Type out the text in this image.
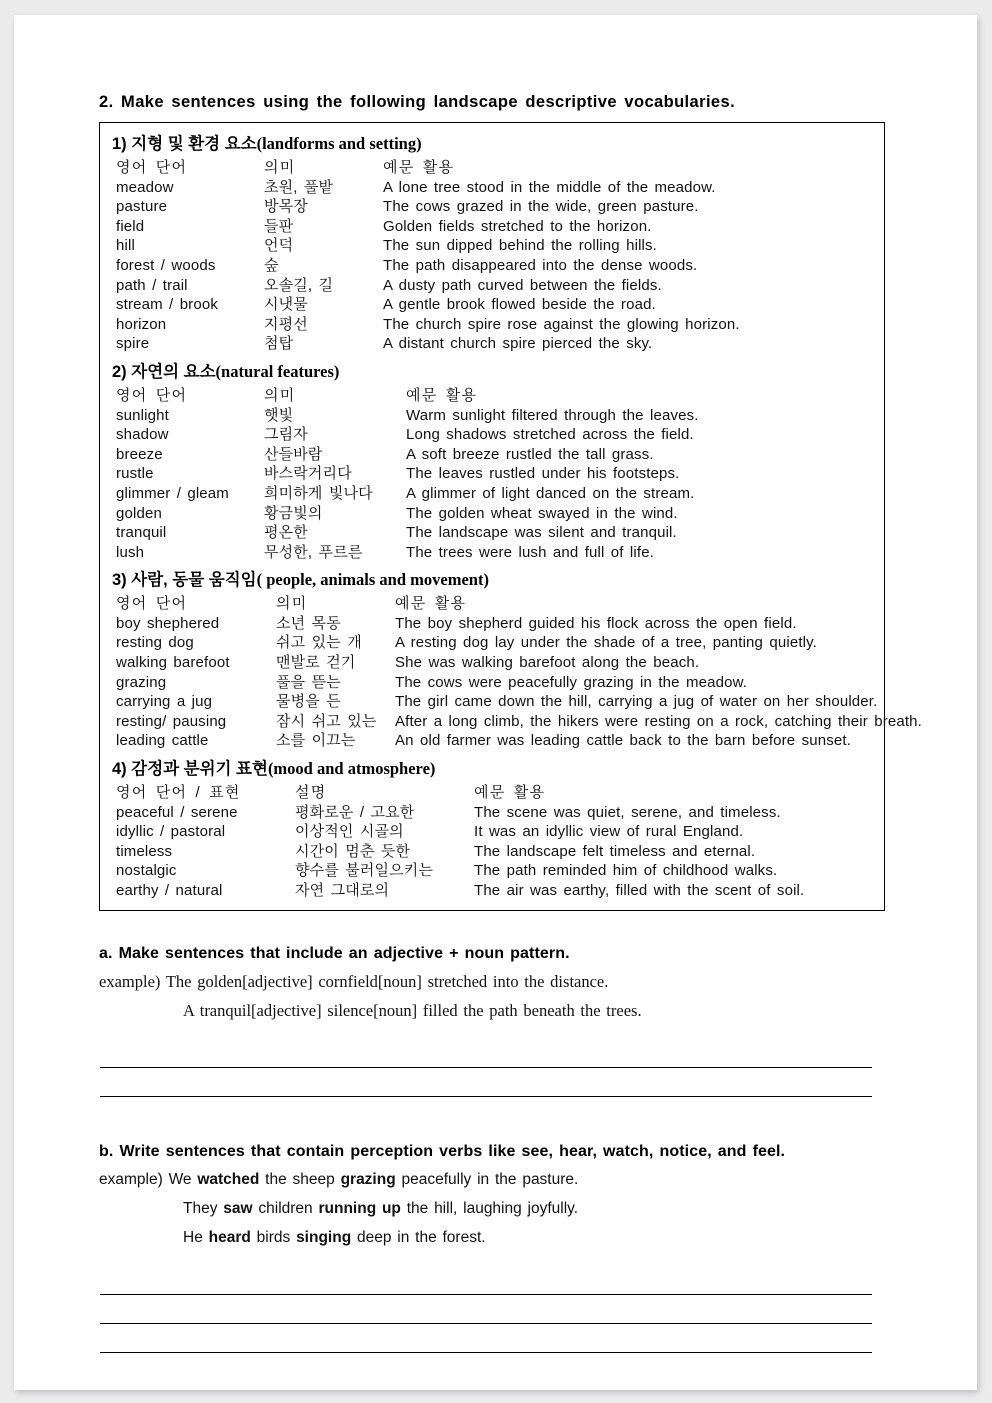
2. Make sentences using the following landscape descriptive vocabularies.
1) 지형 및 환경 요소(landforms and setting)
영어 단어	의미	예문 활용
meadow	초원, 풀밭	A lone tree stood in the middle of the meadow.
pasture	방목장	The cows grazed in the wide, green pasture.
field	들판	Golden fields stretched to the horizon.
hill	언덕	The sun dipped behind the rolling hills.
forest / woods	숲	The path disappeared into the dense woods.
path / trail	오솔길, 길	A dusty path curved between the fields.
stream / brook	시냇물	A gentle brook flowed beside the road.
horizon	지평선	The church spire rose against the glowing horizon.
spire	첨탑	A distant church spire pierced the sky.
2) 자연의 요소(natural features)
영어 단어	의미	예문 활용
sunlight	햇빛	Warm sunlight filtered through the leaves.
shadow	그림자	Long shadows stretched across the field.
breeze	산들바람	A soft breeze rustled the tall grass.
rustle	바스락거리다	The leaves rustled under his footsteps.
glimmer / gleam	희미하게 빛나다	A glimmer of light danced on the stream.
golden	황금빛의	The golden wheat swayed in the wind.
tranquil	평온한	The landscape was silent and tranquil.
lush	무성한, 푸르른	The trees were lush and full of life.
3) 사람, 동물 움직임( people, animals and movement)
영어 단어	의미	예문 활용
boy shephered	소년 목동	The boy shepherd guided his flock across the open field.
resting dog	쉬고 있는 개	A resting dog lay under the shade of a tree, panting quietly.
walking barefoot	맨발로 걷기	She was walking barefoot along the beach.
grazing	풀을 뜯는	The cows were peacefully grazing in the meadow.
carrying a jug	물병을 든	The girl came down the hill, carrying a jug of water on her shoulder.
resting/ pausing	잠시 쉬고 있는	After a long climb, the hikers were resting on a rock, catching their breath.
leading cattle	소를 이끄는	An old farmer was leading cattle back to the barn before sunset.
4) 감정과 분위기 표현(mood and atmosphere)
영어 단어 / 표현	설명	예문 활용
peaceful / serene	평화로운 / 고요한	The scene was quiet, serene, and timeless.
idyllic / pastoral	이상적인 시골의	It was an idyllic view of rural England.
timeless	시간이 멈춘 듯한	The landscape felt timeless and eternal.
nostalgic	향수를 불러일으키는	The path reminded him of childhood walks.
earthy / natural	자연 그대로의	The air was earthy, filled with the scent of soil.
a. Make sentences that include an adjective + noun pattern.
example) The golden[adjective] cornfield[noun] stretched into the distance.
A tranquil[adjective] silence[noun] filled the path beneath the trees.
b. Write sentences that contain perception verbs like see, hear, watch, notice, and feel.
example) We watched the sheep grazing peacefully in the pasture.
They saw children running up the hill, laughing joyfully.
He heard birds singing deep in the forest.
